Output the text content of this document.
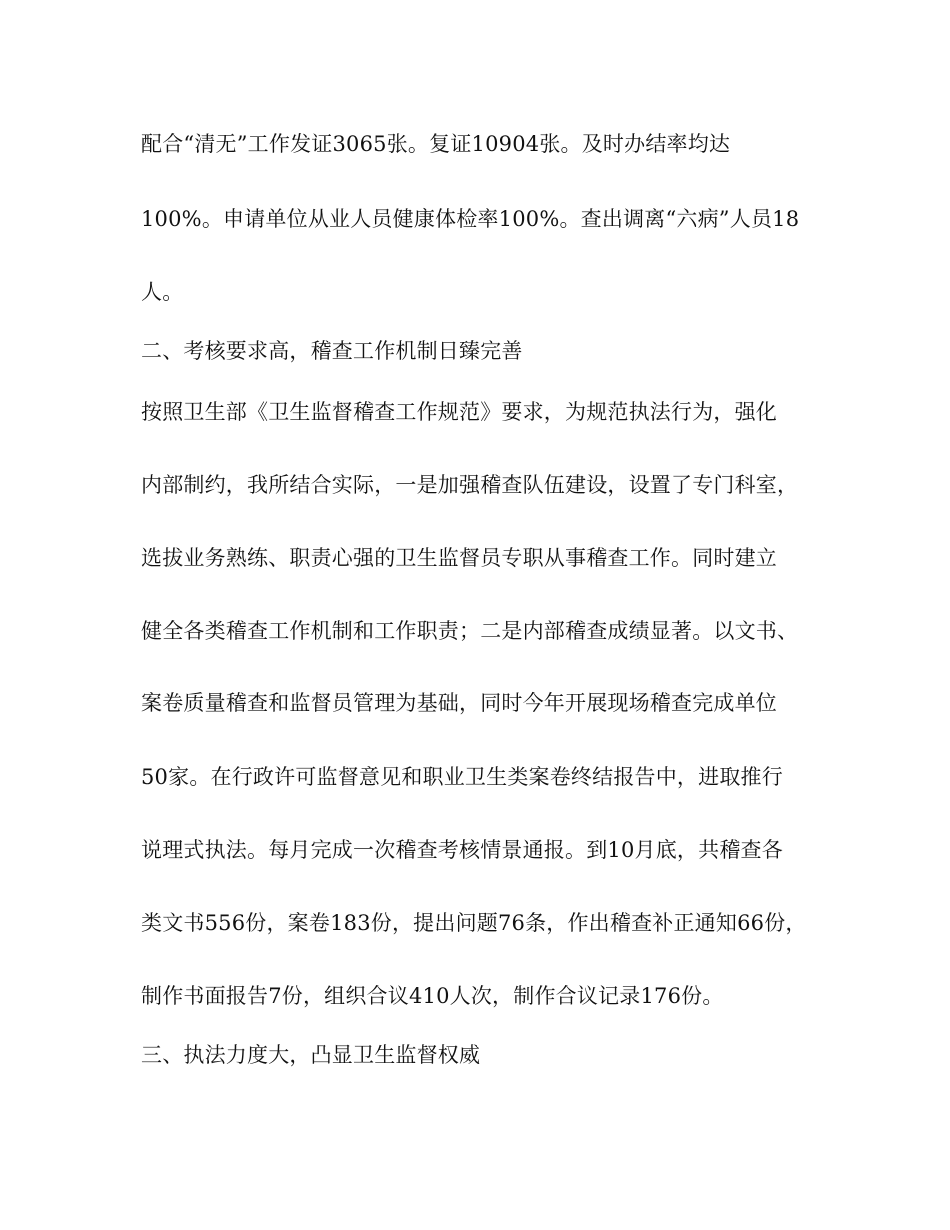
配合“清无”工作发证3065张。复证10904张。及时办结率均达
100%。申请单位从业人员健康体检率100%。查出调离“六病”人员18
人。
二、考核要求高，稽查工作机制日臻完善
按照卫生部《卫生监督稽查工作规范》要求，为规范执法行为，强化
内部制约，我所结合实际，一是加强稽查队伍建设，设置了专门科室，
选拔业务熟练、职责心强的卫生监督员专职从事稽查工作。同时建立
健全各类稽查工作机制和工作职责；二是内部稽查成绩显著。以文书、
案卷质量稽查和监督员管理为基础，同时今年开展现场稽查完成单位
50家。在行政许可监督意见和职业卫生类案卷终结报告中，进取推行
说理式执法。每月完成一次稽查考核情景通报。到10月底，共稽查各
类文书556份，案卷183份，提出问题76条，作出稽查补正通知66份，
制作书面报告7份，组织合议410人次，制作合议记录176份。
三、执法力度大，凸显卫生监督权威
